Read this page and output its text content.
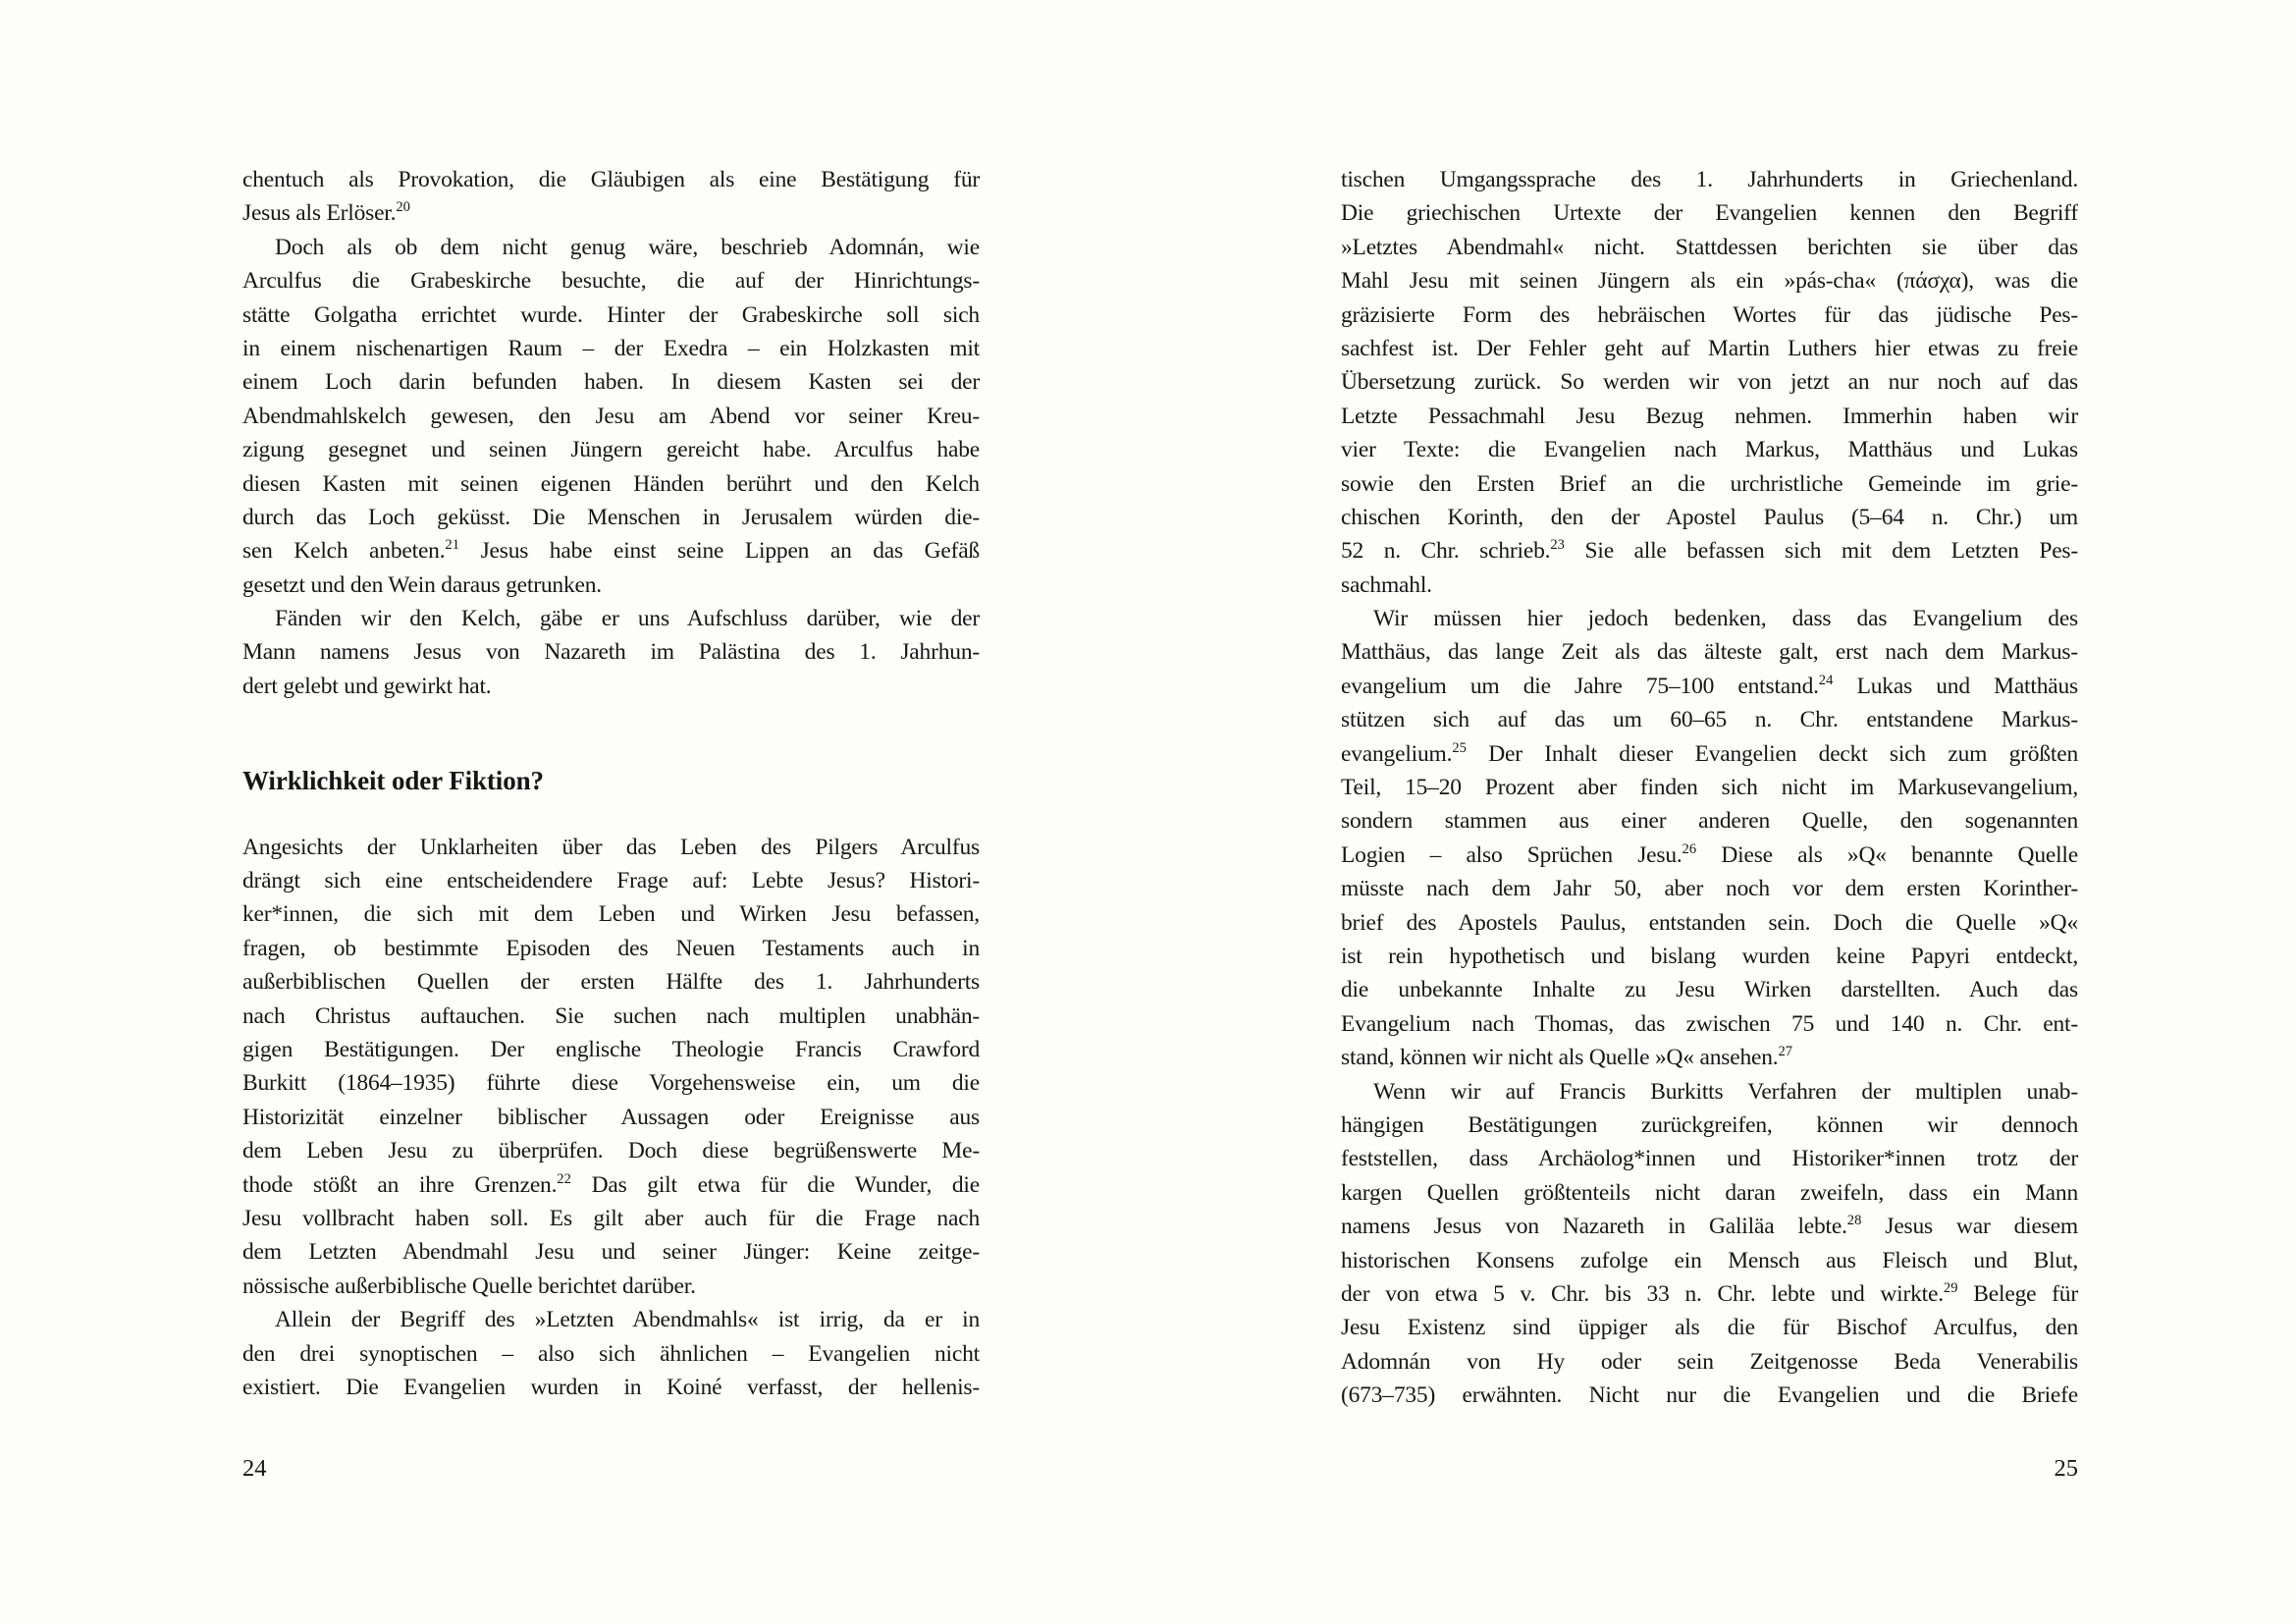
chentuch als Provokation, die Gläubigen als eine Bestätigung für
Jesus als Erlöser.$^{20}$
Doch als ob dem nicht genug wäre, beschrieb Adomnán, wie
Arculfus die Grabeskirche besuchte, die auf der Hinrichtungs-
stätte Golgatha errichtet wurde. Hinter der Grabeskirche soll sich
in einem nischenartigen Raum – der Exedra – ein Holzkasten mit
einem Loch darin befunden haben. In diesem Kasten sei der
Abendmahlskelch gewesen, den Jesu am Abend vor seiner Kreu-
zigung gesegnet und seinen Jüngern gereicht habe. Arculfus habe
diesen Kasten mit seinen eigenen Händen berührt und den Kelch
durch das Loch geküsst. Die Menschen in Jerusalem würden die-
sen Kelch anbeten.$^{21}$ Jesus habe einst seine Lippen an das Gefäß
gesetzt und den Wein daraus getrunken.
Fänden wir den Kelch, gäbe er uns Aufschluss darüber, wie der
Mann namens Jesus von Nazareth im Palästina des 1. Jahrhun-
dert gelebt und gewirkt hat.
Wirklichkeit oder Fiktion?
Angesichts der Unklarheiten über das Leben des Pilgers Arculfus
drängt sich eine entscheidendere Frage auf: Lebte Jesus? Histori-
ker*innen, die sich mit dem Leben und Wirken Jesu befassen,
fragen, ob bestimmte Episoden des Neuen Testaments auch in
außerbiblischen Quellen der ersten Hälfte des 1. Jahrhunderts
nach Christus auftauchen. Sie suchen nach multiplen unabhän-
gigen Bestätigungen. Der englische Theologie Francis Crawford
Burkitt (1864–1935) führte diese Vorgehensweise ein, um die
Historizität einzelner biblischer Aussagen oder Ereignisse aus
dem Leben Jesu zu überprüfen. Doch diese begrüßenswerte Me-
thode stößt an ihre Grenzen.$^{22}$ Das gilt etwa für die Wunder, die
Jesu vollbracht haben soll. Es gilt aber auch für die Frage nach
dem Letzten Abendmahl Jesu und seiner Jünger: Keine zeitge-
nössische außerbiblische Quelle berichtet darüber.
Allein der Begriff des »Letzten Abendmahls« ist irrig, da er in
den drei synoptischen – also sich ähnlichen – Evangelien nicht
existiert. Die Evangelien wurden in Koiné verfasst, der hellenis-
tischen Umgangssprache des 1. Jahrhunderts in Griechenland.
Die griechischen Urtexte der Evangelien kennen den Begriff
»Letztes Abendmahl« nicht. Stattdessen berichten sie über das
Mahl Jesu mit seinen Jüngern als ein »pás-cha« (πάσχα), was die
gräzisierte Form des hebräischen Wortes für das jüdische Pes-
sachfest ist. Der Fehler geht auf Martin Luthers hier etwas zu freie
Übersetzung zurück. So werden wir von jetzt an nur noch auf das
Letzte Pessachmahl Jesu Bezug nehmen. Immerhin haben wir
vier Texte: die Evangelien nach Markus, Matthäus und Lukas
sowie den Ersten Brief an die urchristliche Gemeinde im grie-
chischen Korinth, den der Apostel Paulus (5–64 n. Chr.) um
52 n. Chr. schrieb.$^{23}$ Sie alle befassen sich mit dem Letzten Pes-
sachmahl.
Wir müssen hier jedoch bedenken, dass das Evangelium des
Matthäus, das lange Zeit als das älteste galt, erst nach dem Markus-
evangelium um die Jahre 75–100 entstand.$^{24}$ Lukas und Matthäus
stützen sich auf das um 60–65 n. Chr. entstandene Markus-
evangelium.$^{25}$ Der Inhalt dieser Evangelien deckt sich zum größten
Teil, 15–20 Prozent aber finden sich nicht im Markusevangelium,
sondern stammen aus einer anderen Quelle, den sogenannten
Logien – also Sprüchen Jesu.$^{26}$ Diese als »Q« benannte Quelle
müsste nach dem Jahr 50, aber noch vor dem ersten Korinther-
brief des Apostels Paulus, entstanden sein. Doch die Quelle »Q«
ist rein hypothetisch und bislang wurden keine Papyri entdeckt,
die unbekannte Inhalte zu Jesu Wirken darstellten. Auch das
Evangelium nach Thomas, das zwischen 75 und 140 n. Chr. ent-
stand, können wir nicht als Quelle »Q« ansehen.$^{27}$
Wenn wir auf Francis Burkitts Verfahren der multiplen unab-
hängigen Bestätigungen zurückgreifen, können wir dennoch
feststellen, dass Archäolog*innen und Historiker*innen trotz der
kargen Quellen größtenteils nicht daran zweifeln, dass ein Mann
namens Jesus von Nazareth in Galiläa lebte.$^{28}$ Jesus war diesem
historischen Konsens zufolge ein Mensch aus Fleisch und Blut,
der von etwa 5 v. Chr. bis 33 n. Chr. lebte und wirkte.$^{29}$ Belege für
Jesu Existenz sind üppiger als die für Bischof Arculfus, den
Adomnán von Hy oder sein Zeitgenosse Beda Venerabilis
(673–735) erwähnten. Nicht nur die Evangelien und die Briefe
24	25
